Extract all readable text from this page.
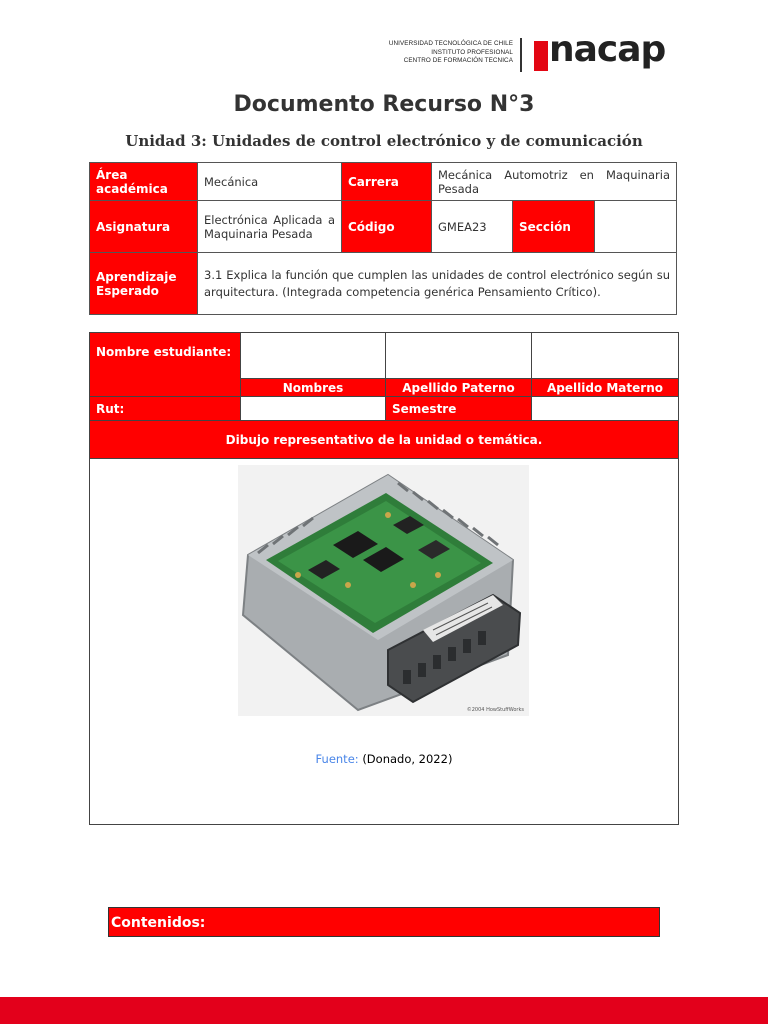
UNIVERSIDAD TECNOLÓGICA DE CHILE
INSTITUTO PROFESIONAL
CENTRO DE FORMACIÓN TECNICA nacap
Documento Recurso N°3
Unidad 3: Unidades de control electrónico y de comunicación
Área académica	Mecánica	Carrera	Mecánica Automotriz en Maquinaria Pesada		
Asignatura	Electrónica Aplicada a Maquinaria Pesada	Código	GMEA23	Sección	
Aprendizaje Esperado	3.1 Explica la función que cumplen las unidades de control electrónico según su arquitectura. (Integrada competencia genérica Pensamiento Crítico).				
Nombre estudiante:			
	Nombres	Apellido Paterno	Apellido Materno
Rut:		Semestre	
Dibujo representativo de la unidad o temática.			

©2004 HowStuffWorks
Fuente: (Donado, 2022)
Contenidos:
